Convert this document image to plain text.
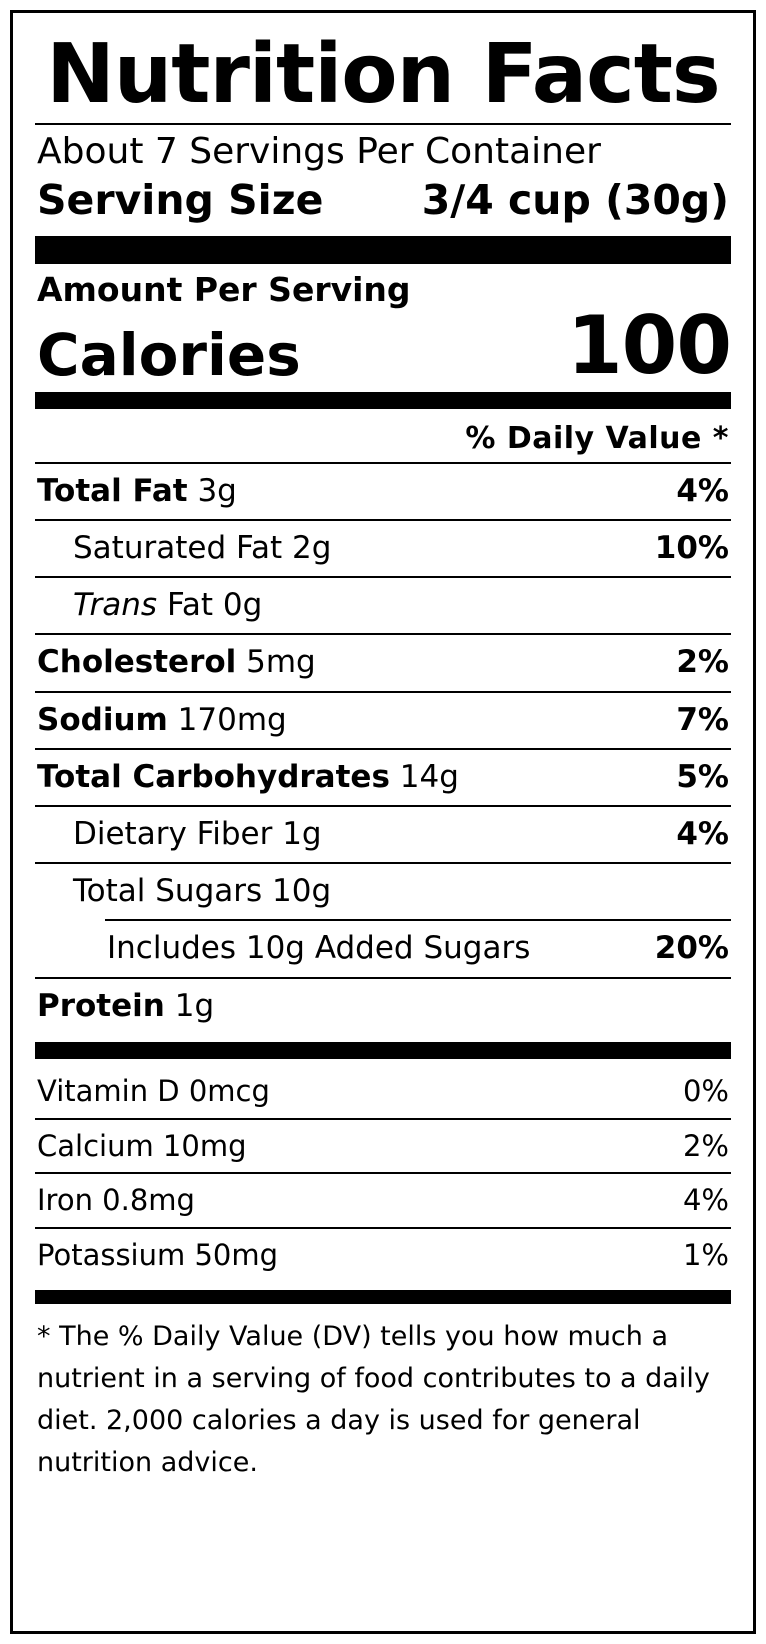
Nutrition Facts
About 7 Servings Per Container
Serving Size 3/4 cup (30g)
Amount Per Serving
Calories	100
% Daily Value *
Total Fat 3g	4%
Saturated Fat 2g	10%
Trans Fat 0g
Cholesterol 5mg	2%
Sodium 170mg	7%
Total Carbohydrates 14g	5%
Dietary Fiber 1g	4%
Total Sugars 10g
Includes 10g Added Sugars	20%
Protein 1g
Vitamin D 0mcg	0%
Calcium 10mg	2%
Iron 0.8mg	4%
Potassium 50mg	1%
* The % Daily Value (DV) tells you how much a nutrient in a serving of food contributes to a daily diet. 2,000 calories a day is used for general nutrition advice.
